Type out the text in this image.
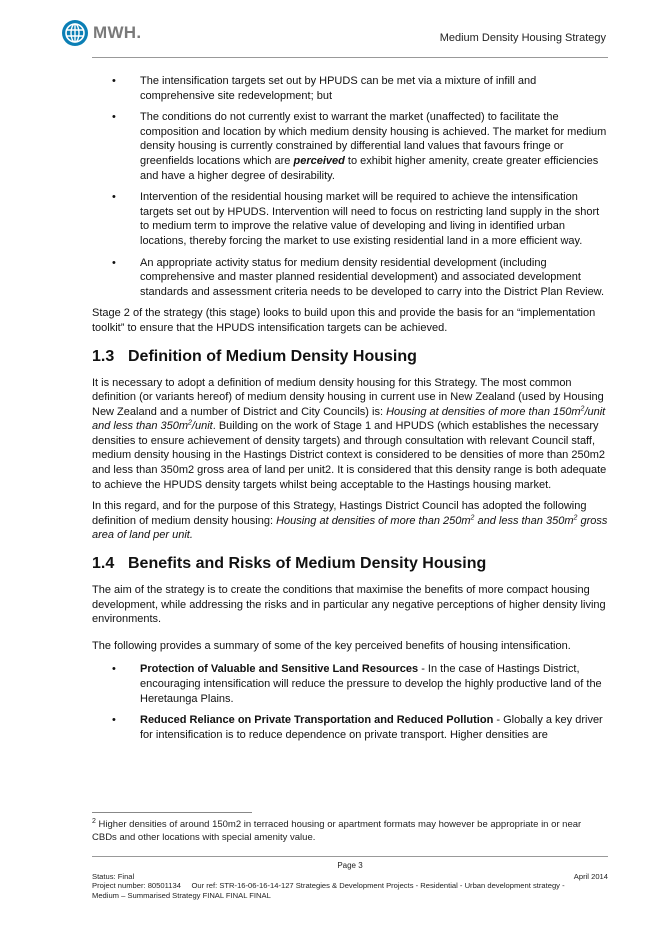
MWH.	Medium Density Housing Strategy
• The intensification targets set out by HPUDS can be met via a mixture of infill and comprehensive site redevelopment; but
• The conditions do not currently exist to warrant the market (unaffected) to facilitate the composition and location by which medium density housing is achieved. The market for medium density housing is currently constrained by differential land values that favours fringe or greenfields locations which are perceived to exhibit higher amenity, create greater efficiencies and have a higher degree of desirability.
• Intervention of the residential housing market will be required to achieve the intensification targets set out by HPUDS. Intervention will need to focus on restricting land supply in the short to medium term to improve the relative value of developing and living in identified urban locations, thereby forcing the market to use existing residential land in a more efficient way.
• An appropriate activity status for medium density residential development (including comprehensive and master planned residential development) and associated development standards and assessment criteria needs to be developed to carry into the District Plan Review.

Stage 2 of the strategy (this stage) looks to build upon this and provide the basis for an “implementation toolkit” to ensure that the HPUDS intensification targets can be achieved.

1.3 Definition of Medium Density Housing

It is necessary to adopt a definition of medium density housing for this Strategy. The most common definition (or variants hereof) of medium density housing in current use in New Zealand (used by Housing New Zealand and a number of District and City Councils) is: Housing at densities of more than $150m^2$/unit and less than $350m^2$/unit. Building on the work of Stage 1 and HPUDS (which establishes the necessary densities to ensure achievement of density targets) and through consultation with relevant Council staff, medium density housing in the Hastings District context is considered to be densities of more than 250m2 and less than 350m2 gross area of land per unit2. It is considered that this density range is both adequate to achieve the HPUDS density targets whilst being acceptable to the Hastings housing market.

In this regard, and for the purpose of this Strategy, Hastings District Council has adopted the following definition of medium density housing: Housing at densities of more than $250m^2$ and less than $350m^2$ gross area of land per unit.

1.4 Benefits and Risks of Medium Density Housing

The aim of the strategy is to create the conditions that maximise the benefits of more compact housing development, while addressing the risks and in particular any negative perceptions of higher density living environments.

The following provides a summary of some of the key perceived benefits of housing intensification.

• Protection of Valuable and Sensitive Land Resources - In the case of Hastings District, encouraging intensification will reduce the pressure to develop the highly productive land of the Heretaunga Plains.
• Reduced Reliance on Private Transportation and Reduced Pollution - Globally a key driver for intensification is to reduce dependence on private transport. Higher densities are
$^2$ Higher densities of around 150m2 in terraced housing or apartment formats may however be appropriate in or near CBDs and other locations with special amenity value.
Page 3
Status: Final	April 2014
Project number: 80501134 Our ref: STR-16-06-16-14-127 Strategies & Development Projects - Residential - Urban development strategy -
Medium – Summarised Strategy FINAL FINAL FINAL
